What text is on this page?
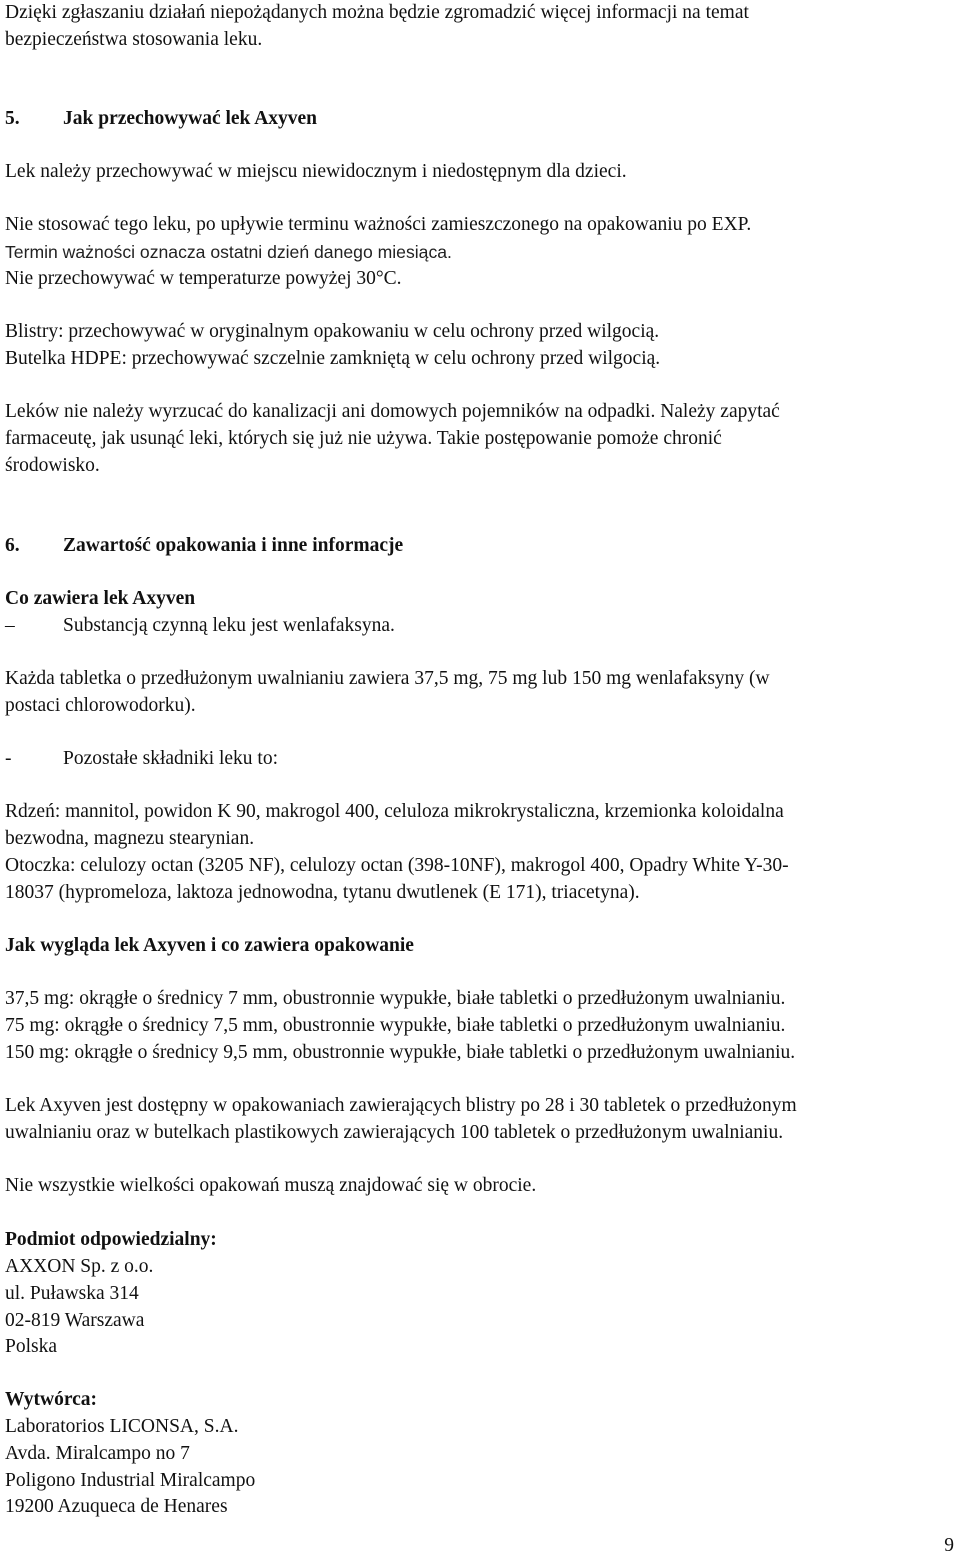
Dzięki zgłaszaniu działań niepożądanych można będzie zgromadzić więcej informacji na temat
bezpieczeństwa stosowania leku.
5. Jak przechowywać lek Axyven
Lek należy przechowywać w miejscu niewidocznym i niedostępnym dla dzieci.
Nie stosować tego leku, po upływie terminu ważności zamieszczonego na opakowaniu po EXP.
Termin ważności oznacza ostatni dzień danego miesiąca.
Nie przechowywać w temperaturze powyżej 30°C.
Blistry: przechowywać w oryginalnym opakowaniu w celu ochrony przed wilgocią.
Butelka HDPE: przechowywać szczelnie zamkniętą w celu ochrony przed wilgocią.
Leków nie należy wyrzucać do kanalizacji ani domowych pojemników na odpadki. Należy zapytać
farmaceutę, jak usunąć leki, których się już nie używa. Takie postępowanie pomoże chronić
środowisko.
6. Zawartość opakowania i inne informacje
Co zawiera lek Axyven
– Substancją czynną leku jest wenlafaksyna.
Każda tabletka o przedłużonym uwalnianiu zawiera 37,5 mg, 75 mg lub 150 mg wenlafaksyny (w
postaci chlorowodorku).
-	Pozostałe składniki leku to:
Rdzeń: mannitol, powidon K 90, makrogol 400, celuloza mikrokrystaliczna, krzemionka koloidalna
bezwodna, magnezu stearynian.
Otoczka: celulozy octan (3205 NF), celulozy octan (398-10NF), makrogol 400, Opadry White Y-30-
18037 (hypromeloza, laktoza jednowodna, tytanu dwutlenek (E 171), triacetyna).
Jak wygląda lek Axyven i co zawiera opakowanie
37,5 mg: okrągłe o średnicy 7 mm, obustronnie wypukłe, białe tabletki o przedłużonym uwalnianiu.
75 mg: okrągłe o średnicy 7,5 mm, obustronnie wypukłe, białe tabletki o przedłużonym uwalnianiu.
150 mg: okrągłe o średnicy 9,5 mm, obustronnie wypukłe, białe tabletki o przedłużonym uwalnianiu.
Lek Axyven jest dostępny w opakowaniach zawierających blistry po 28 i 30 tabletek o przedłużonym
uwalnianiu oraz w butelkach plastikowych zawierających 100 tabletek o przedłużonym uwalnianiu.
Nie wszystkie wielkości opakowań muszą znajdować się w obrocie.
Podmiot odpowiedzialny:
AXXON Sp. z o.o.
ul. Puławska 314
02-819 Warszawa
Polska
Wytwórca:
Laboratorios LICONSA, S.A.
Avda. Miralcampo no 7
Poligono Industrial Miralcampo
19200 Azuqueca de Henares
9
